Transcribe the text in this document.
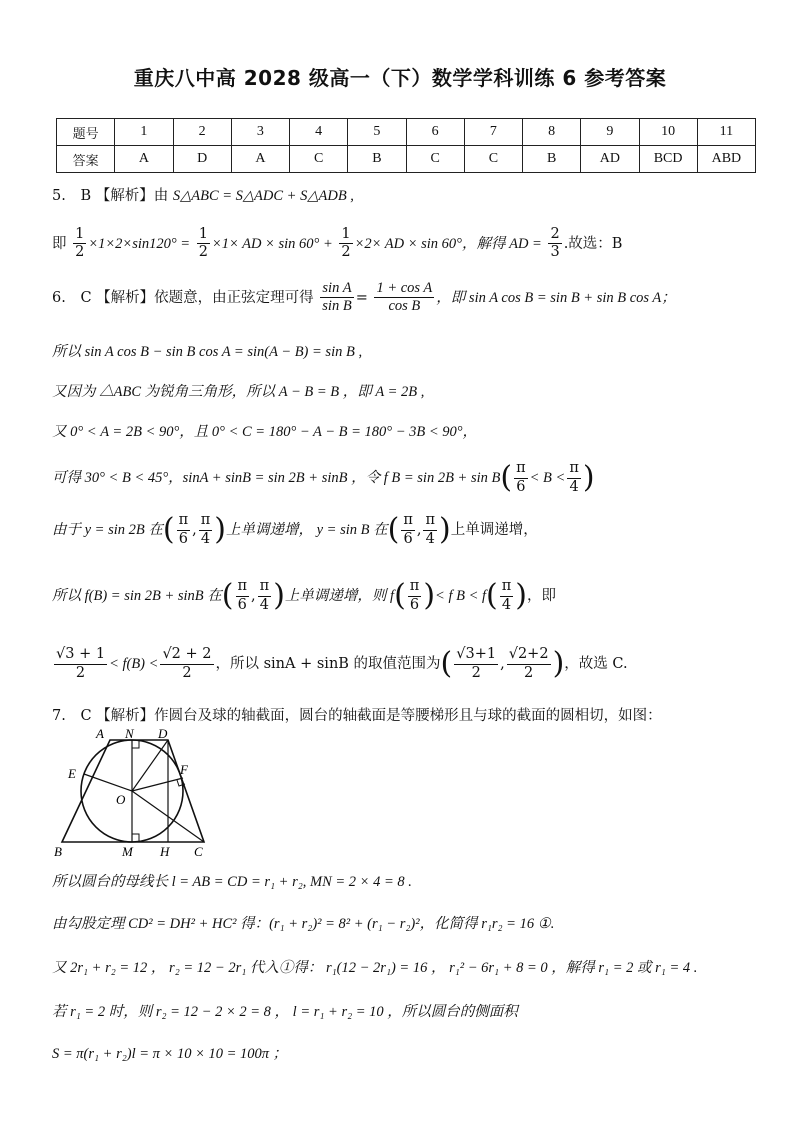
重庆八中高 2028 级高一（下）数学学科训练 6 参考答案
题号	1	2	3	4	5	6	7	8	9	10	11
答案	A	D	A	C	B	C	C	B	AD	BCD	ABD
5. B 【解析】由 S△ABC = S△ADC + S△ADB ,
即 $\frac{1}{2} \times 1\times 2\times\sin 120^\circ = \frac{1}{2} \times 1\times$ AD × $\sin 60^\circ + \frac{1}{2} \times 2\times$ AD × sin 60°，解得 AD = $\frac{2}{3}$ .故选：B
6. C 【解析】依题意，由正弦定理可得 $\frac{\text{sin A}}{\text{sin B}} = \frac{\text{1 + cos A}}{\text{cos B}}$ ，即 sin A cos B = sin B + sin B cos A；
所以 sin A cos B − sin B cos A = sin(A − B) = sin B ,
又因为 △ABC 为锐角三角形，所以 A − B = B ，即 A = 2B ,
又 0° < A = 2B < 90°，且 0° < C = 180° − A − B = 180° − 3B < 90°，
可得 30° < B < 45°，sinA + sinB = sin 2B + sinB ，令 f $B = \sin 2B + \sin B( \frac{\pi}{6} < B < \frac{\pi}{4}$ )
由于 y = sin 2B 在( $\frac{\pi}{6}$ , $\frac{\pi}{4}$ )上单调递增， y = sin B 在( $\frac{\pi}{6}$ , $\frac{\pi}{4}$ )上单调递增，
所以 f(B) = sin 2B + sinB 在( $\frac{\pi}{6}$ , $\frac{\pi}{4}$ )上单调递增，则 $f( \frac{\pi}{6}$ )< f $B < f( \frac{\pi}{4}$ )，即
$\frac{√3 + 1}{2} < f(B) < \frac{√2 + 2}{2}$ ，所以 sinA + sinB 的取值范围为( $\frac{√3+1}{2}$ , $\frac{√2+2}{2}$ )，故选 C.
7. C 【解析】作圆台及球的轴截面，圆台的轴截面是等腰梯形且与球的截面的圆相切，如图：
A N D
E	F
O
B	M H C
所以圆台的母线长 l = AB = CD = r₁ + r₂, MN = 2 × 4 = 8 .
由勾股定理 CD² = DH² + HC² 得：(r₁ + r₂)² = 8² + (r₁ − r₂)²，化简得 r₁r₂ = 16 ①.
又 2r₁ + r₂ = 12 ， r₂ = 12 − 2r₁ 代入①得： r₁(12 − 2r₁) = 16 ， r₁² − 6r₁ + 8 = 0 ，解得 r₁ = 2 或 r₁ = 4 .
若 r₁ = 2 时，则 r₂ = 12 − 2 × 2 = 8 ， l = r₁ + r₂ = 10 ，所以圆台的侧面积
S = π(r₁ + r₂)l = π × 10 × 10 = 100π ；
